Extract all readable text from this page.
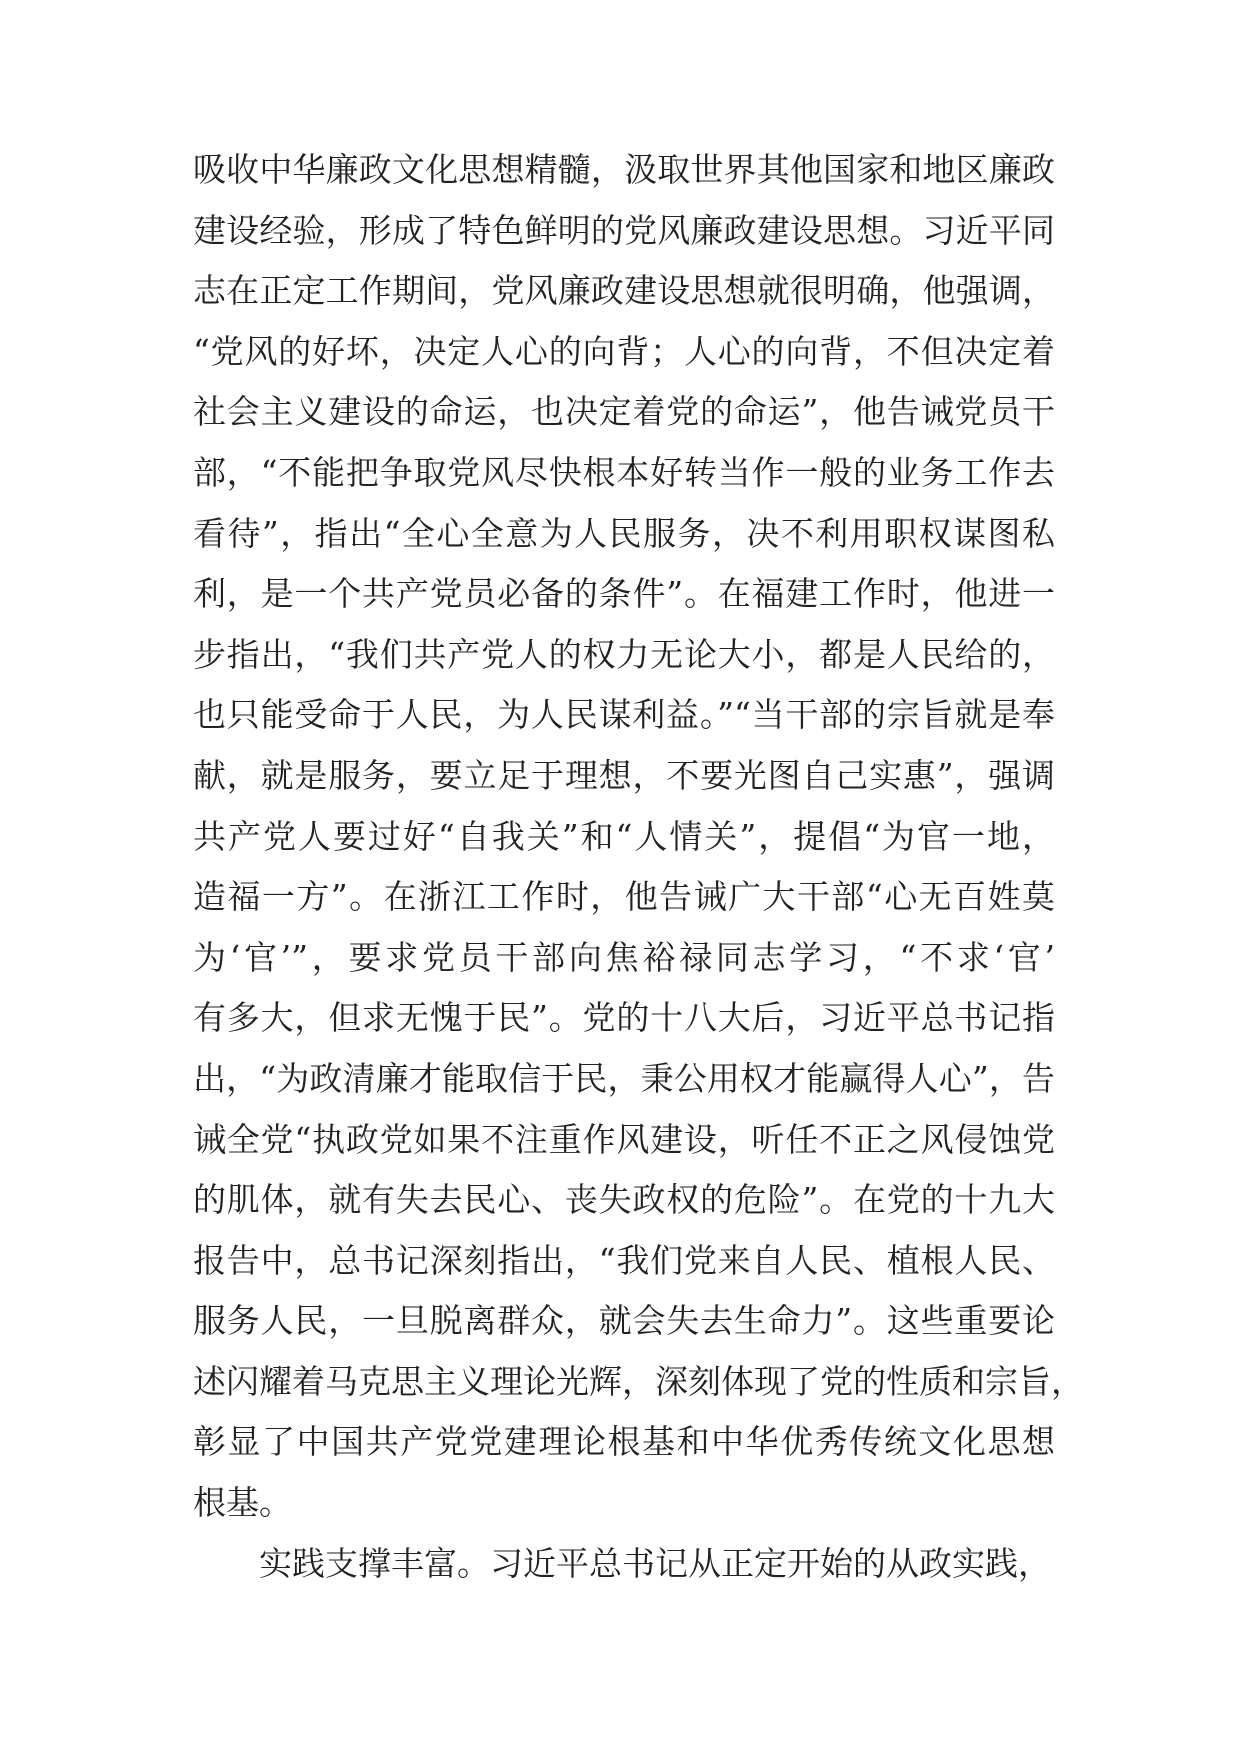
吸收中华廉政文化思想精髓，汲取世界其他国家和地区廉政
建设经验，形成了特色鲜明的党风廉政建设思想。习近平同
志在正定工作期间，党风廉政建设思想就很明确，他强调，
“党风的好坏，决定人心的向背；人心的向背，不但决定着
社会主义建设的命运，也决定着党的命运”，他告诫党员干
部，“不能把争取党风尽快根本好转当作一般的业务工作去
看待”，指出“全心全意为人民服务，决不利用职权谋图私
利，是一个共产党员必备的条件”。在福建工作时，他进一
步指出，“我们共产党人的权力无论大小，都是人民给的，
也只能受命于人民，为人民谋利益。”“当干部的宗旨就是奉
献，就是服务，要立足于理想，不要光图自己实惠”，强调
共产党人要过好“自我关”和“人情关”，提倡“为官一地，
造福一方”。在浙江工作时，他告诫广大干部“心无百姓莫
为‘官’”，要求党员干部向焦裕禄同志学习，“不求‘官’
有多大，但求无愧于民”。党的十八大后，习近平总书记指
出，“为政清廉才能取信于民，秉公用权才能赢得人心”，告
诫全党“执政党如果不注重作风建设，听任不正之风侵蚀党
的肌体，就有失去民心、丧失政权的危险”。在党的十九大
报告中，总书记深刻指出，“我们党来自人民、植根人民、
服务人民，一旦脱离群众，就会失去生命力”。这些重要论
述闪耀着马克思主义理论光辉，深刻体现了党的性质和宗旨，
彰显了中国共产党党建理论根基和中华优秀传统文化思想
根基。
实践支撑丰富。习近平总书记从正定开始的从政实践，
